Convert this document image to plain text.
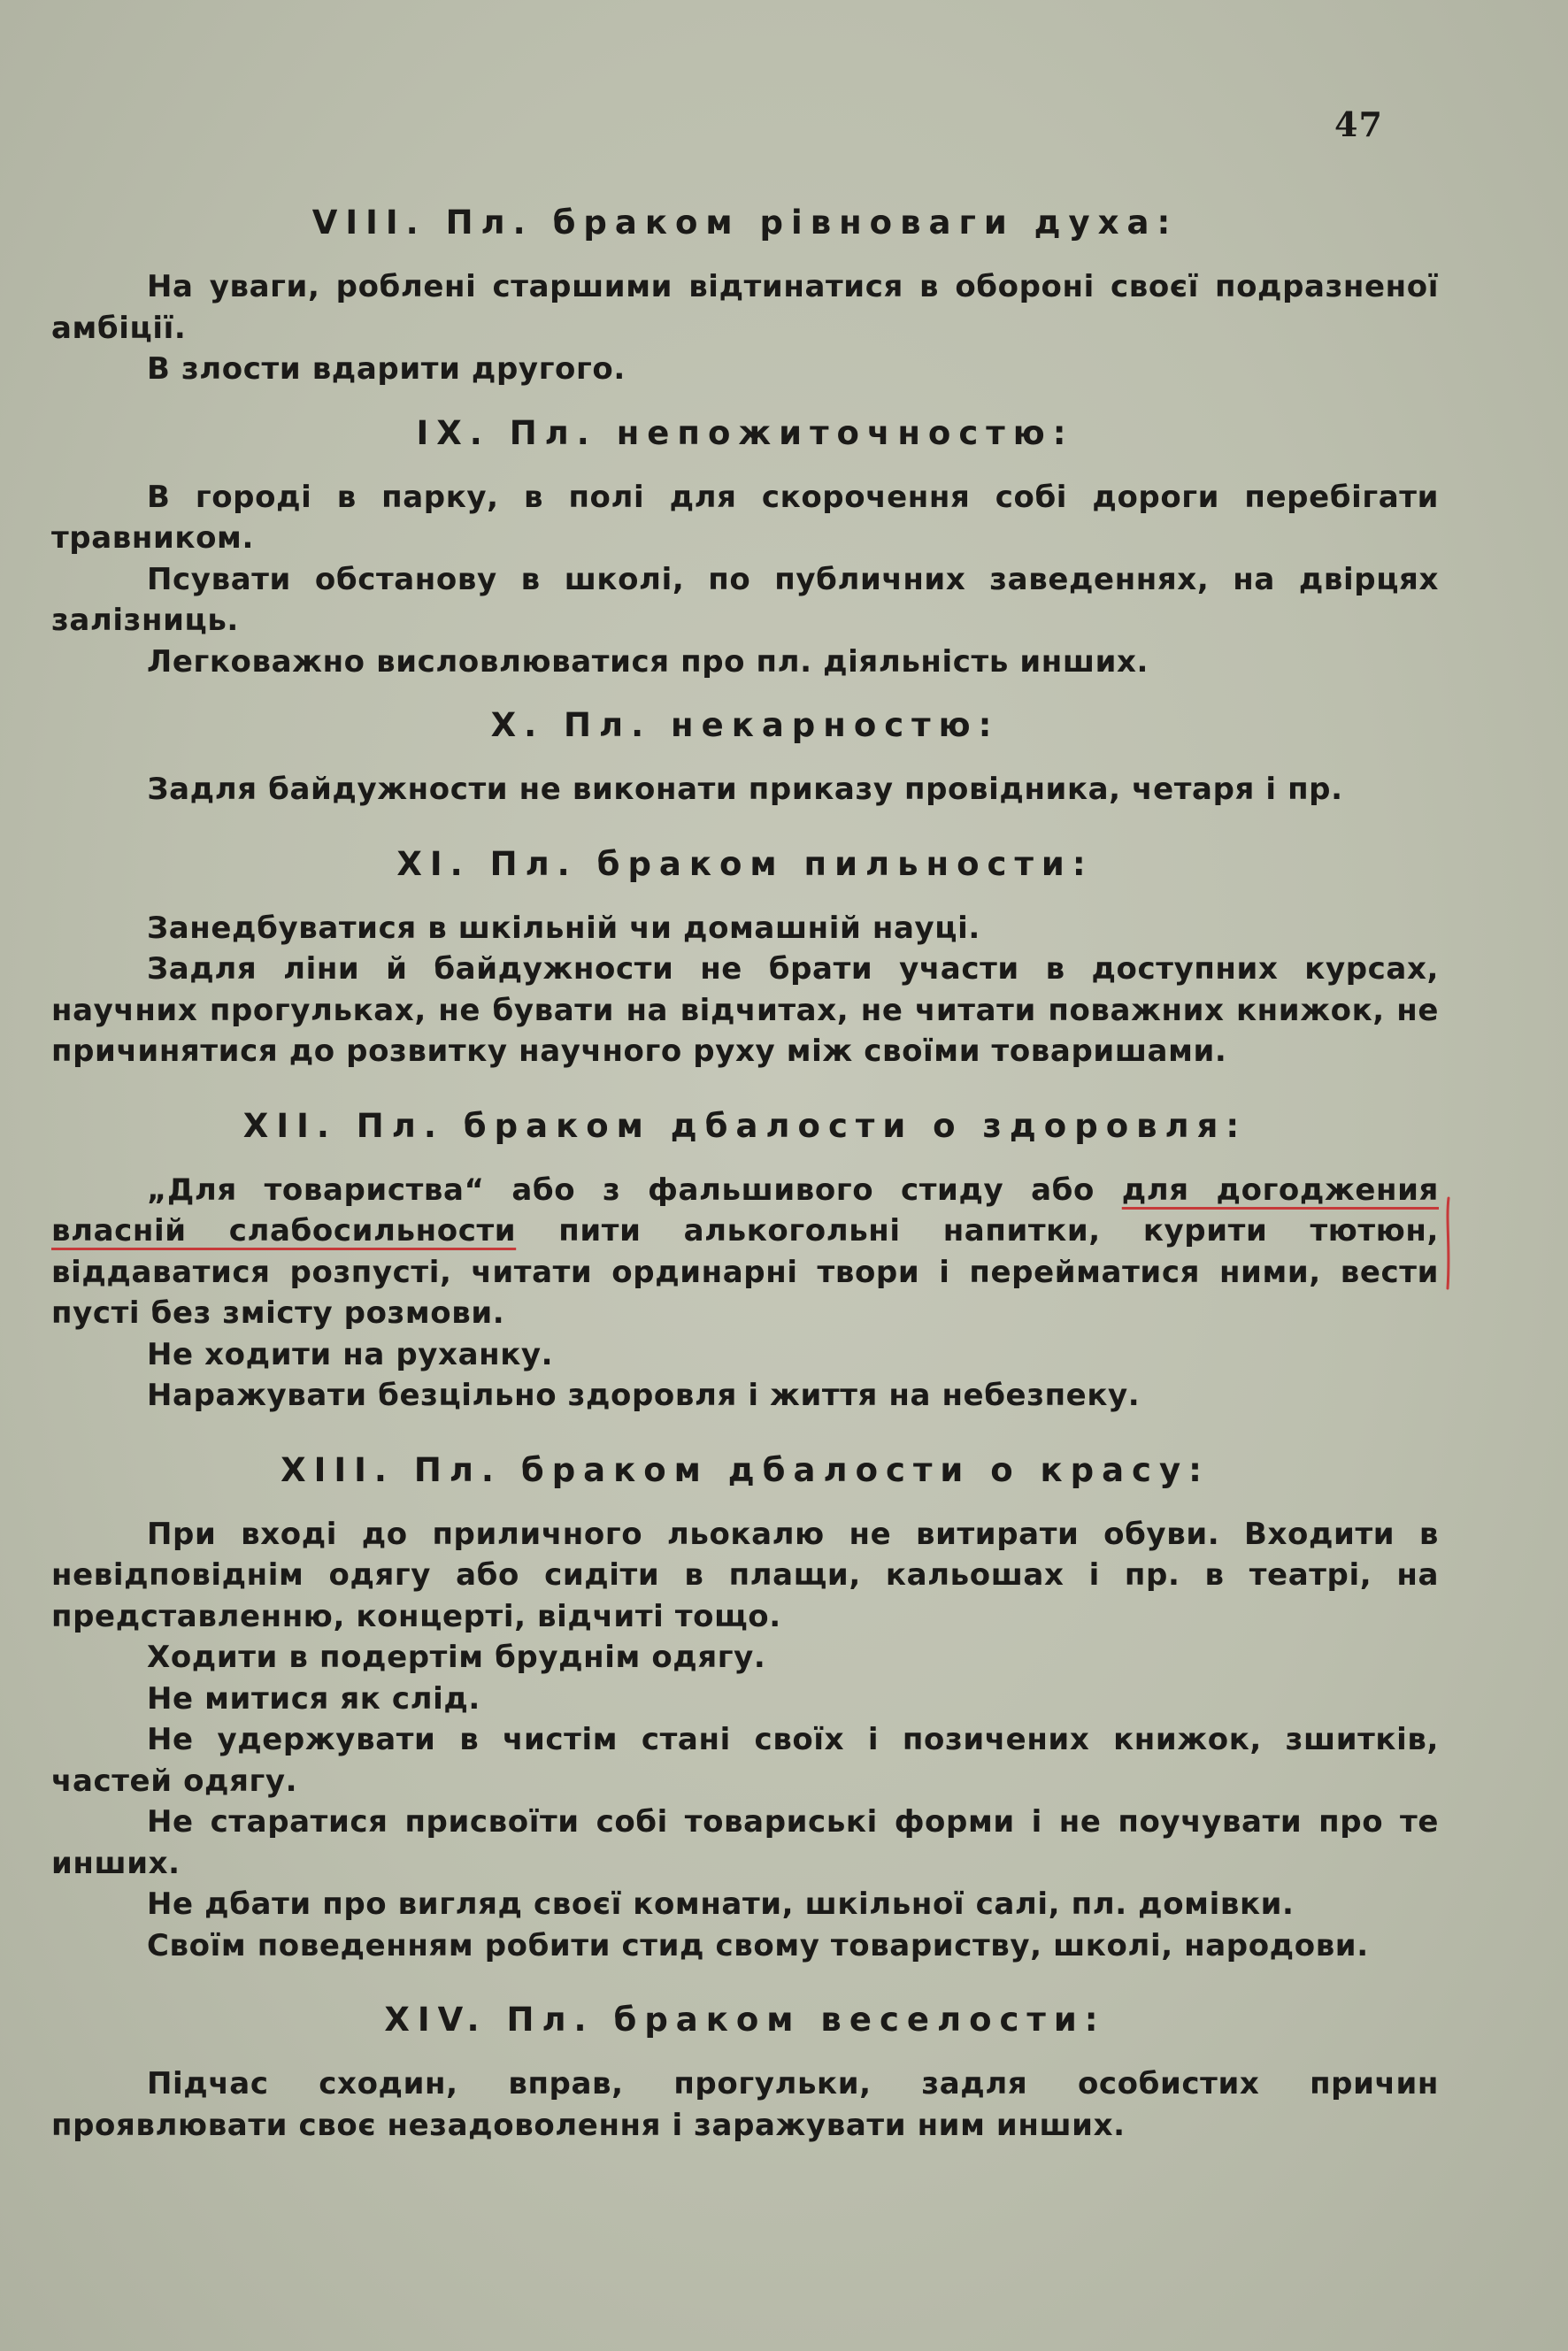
47
VIII. Пл. браком рівноваги духа:

На уваги, роблені старшими відтинатися в обороні своєї подразненої амбіції.

В злости вдарити другого.

IX. Пл. непожиточностю:

В городі в парку, в полі для скорочення собі дороги перебігати травником.

Псувати обстанову в школі, по публичних заведеннях, на двірцях залізниць.

Легковажно висловлюватися про пл. діяльність инших.

X. Пл. некарностю:

Задля байдужности не виконати приказу провідника, четаря і пр.

XI. Пл. браком пильности:

Занедбуватися в шкільній чи домашній науці.

Задля ліни й байдужности не брати участи в доступних курсах, научних прогульках, не бувати на відчитах, не читати поважних книжок, не причинятися до розвитку научного руху між своїми товаришами.

XII. Пл. браком дбалости о здоровля:

„Для товариства“ або з фальшивого стиду або для догоджения власній слабосильности пити алькогольні напитки, курити тютюн, віддаватися розпусті, читати ординарні твори і перейматися ними, вести пусті без змісту розмови.

Не ходити на руханку.

Наражувати безцільно здоровля і життя на небезпеку.

XIII. Пл. браком дбалости о красу:

При вході до приличного льокалю не витирати обуви. Входити в невідповіднім одягу або сидіти в плащи, кальошах і пр. в театрі, на представленню, концерті, відчиті тощо.

Ходити в подертім бруднім одягу.

Не митися як слід.

Не удержувати в чистім стані своїх і позичених книжок, зшитків, частей одягу.

Не старатися присвоїти собі товариські форми і не поучувати про те инших.

Не дбати про вигляд своєї комнати, шкільної салі, пл. домівки.

Своїм поведенням робити стид свому товариству, школі, народови.

XIV. Пл. браком веселости:

Підчас сходин, вправ, прогульки, задля особистих причин проявлювати своє незадоволення і заражувати ним инших.
